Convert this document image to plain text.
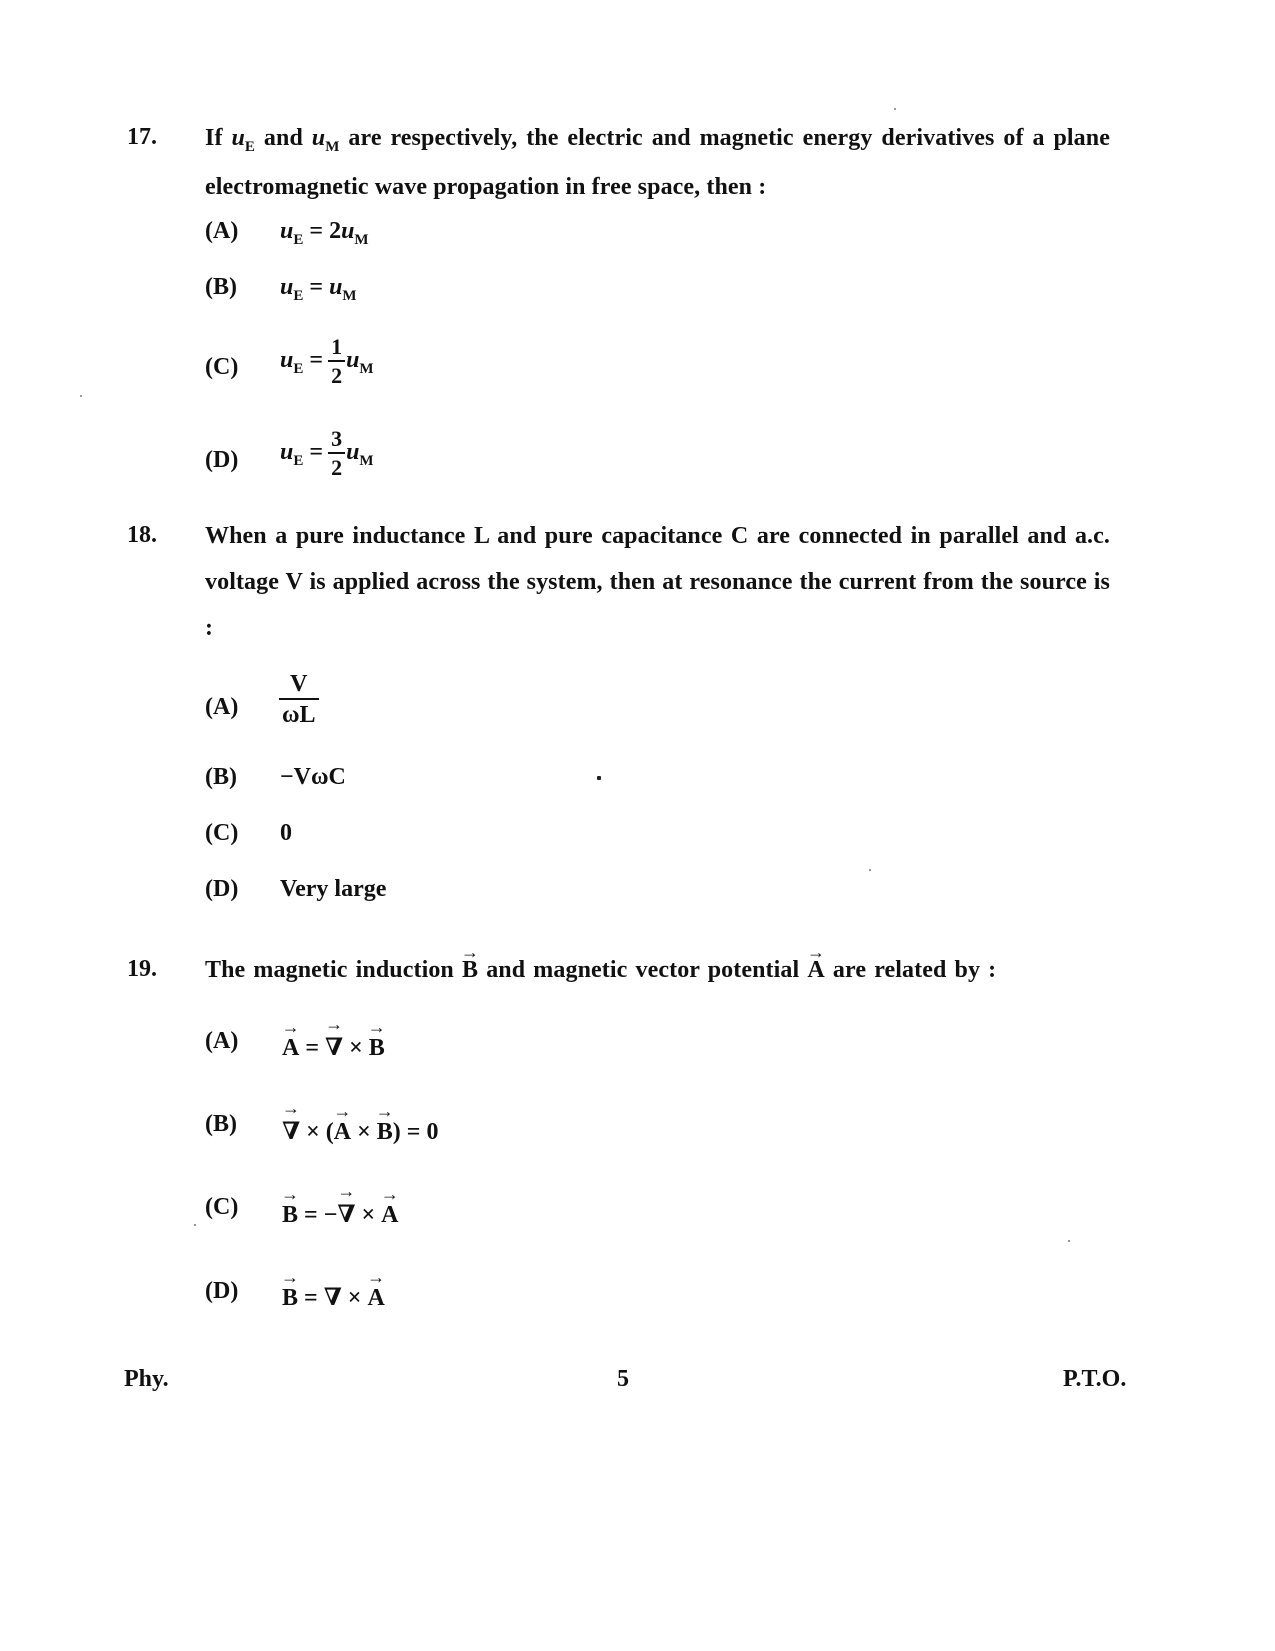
17. If $u_E$ and $u_M$ are respectively, the electric and magnetic energy derivatives of a plane electromagnetic wave propagation in free space, then :
(A) $u_E = 2u_M$
(B) $u_E = u_M$
(C) $u_E = \frac{1}{2} u_M$
(D) $u_E = \frac{3}{2} u_M$
18. When a pure inductance L and pure capacitance C are connected in parallel and a.c. voltage V is applied across the system, then at resonance the current from the source is :
$(A) \frac{V}{\omega L}$
(B) −VωC
(C) 0
(D) Very large
19. The magnetic induction → B and magnetic vector potential → A are related by :
(A) → A = → ∇ × → B
(B) → ∇ × (→ A × → B) = 0
(C) → B = −→ ∇ × → A
(D) → B = ∇ × → A
Phy.	5	P.T.O.
